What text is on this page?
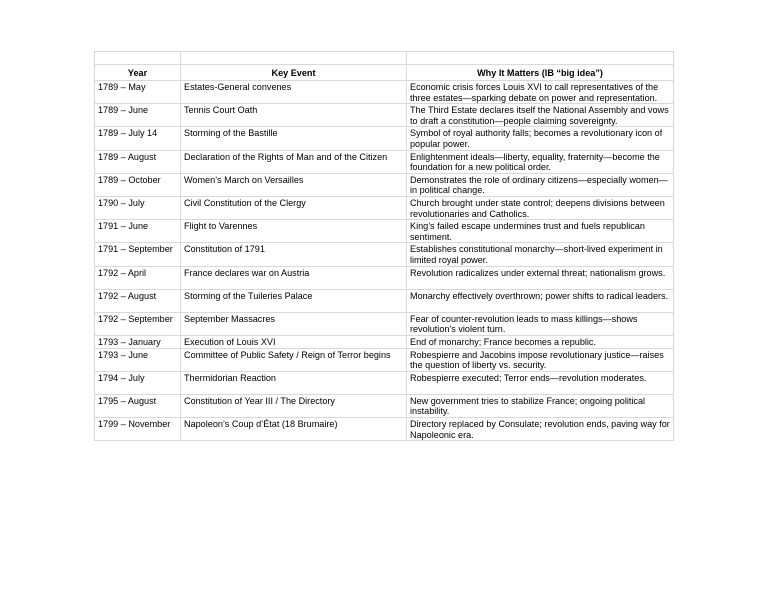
Year	Key Event	Why It Matters (IB “big idea”)
1789 – May	Estates-General convenes	Economic crisis forces Louis XVI to call representatives of the three estates—sparking debate on power and representation.
1789 – June	Tennis Court Oath	The Third Estate declares itself the National Assembly and vows to draft a constitution—people claiming sovereignty.
1789 – July 14	Storming of the Bastille	Symbol of royal authority falls; becomes a revolutionary icon of popular power.
1789 – August	Declaration of the Rights of Man and of the Citizen	Enlightenment ideals—liberty, equality, fraternity—become the foundation for a new political order.
1789 – October	Women’s March on Versailles	Demonstrates the role of ordinary citizens—especially women—in political change.
1790 – July	Civil Constitution of the Clergy	Church brought under state control; deepens divisions between revolutionaries and Catholics.
1791 – June	Flight to Varennes	King’s failed escape undermines trust and fuels republican sentiment.
1791 – September	Constitution of 1791	Establishes constitutional monarchy—short-lived experiment in limited royal power.
1792 – April	France declares war on Austria	Revolution radicalizes under external threat; nationalism grows.
1792 – August	Storming of the Tuileries Palace	Monarchy effectively overthrown; power shifts to radical leaders.
1792 – September	September Massacres	Fear of counter-revolution leads to mass killings—shows revolution’s violent turn.
1793 – January	Execution of Louis XVI	End of monarchy; France becomes a republic.
1793 – June	Committee of Public Safety / Reign of Terror begins	Robespierre and Jacobins impose revolutionary justice—raises the question of liberty vs. security.
1794 – July	Thermidorian Reaction	Robespierre executed; Terror ends—revolution moderates.
1795 – August	Constitution of Year III / The Directory	New government tries to stabilize France; ongoing political instability.
1799 – November	Napoleon’s Coup d’État (18 Brumaire)	Directory replaced by Consulate; revolution ends, paving way for Napoleonic era.
